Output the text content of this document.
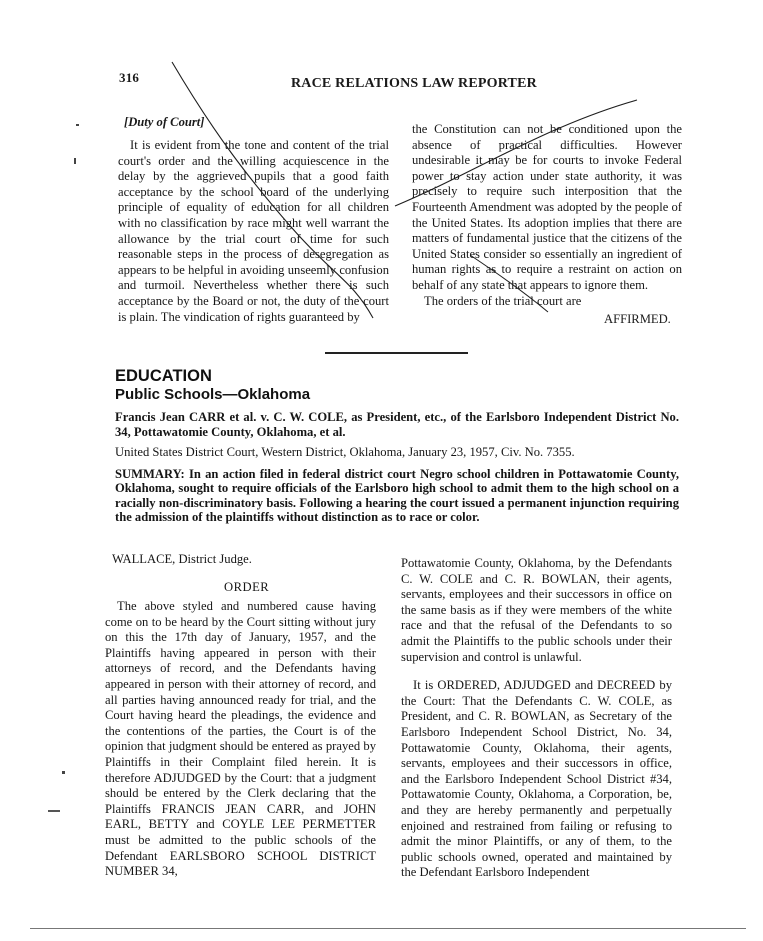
316	RACE RELATIONS LAW REPORTER
[Duty of Court]

It is evident from the tone and content of the trial court's order and the willing acquiescence in the delay by the aggrieved pupils that a good faith acceptance by the school board of the underlying principle of equality of education for all children with no classification by race might well warrant the allowance by the trial court of time for such reasonable steps in the process of desegregation as appears to be helpful in avoiding unseemly confusion and turmoil. Nevertheless whether there is such acceptance by the Board or not, the duty of the court is plain. The vindication of rights guaranteed by

the Constitution can not be conditioned upon the absence of practical difficulties. However undesirable it may be for courts to invoke Federal power to stay action under state authority, it was precisely to require such interposition that the Fourteenth Amendment was adopted by the people of the United States. Its adoption implies that there are matters of fundamental justice that the citizens of the United States consider so essentially an ingredient of human rights as to require a restraint on action on behalf of any state that appears to ignore them.

The orders of the trial court are

AFFIRMED.
EDUCATION
Public Schools—Oklahoma
Francis Jean CARR et al. v. C. W. COLE, as President, etc., of the Earlsboro Independent District No. 34, Pottawatomie County, Oklahoma, et al.
United States District Court, Western District, Oklahoma, January 23, 1957, Civ. No. 7355.
SUMMARY: In an action filed in federal district court Negro school children in Pottawatomie County, Oklahoma, sought to require officials of the Earlsboro high school to admit them to the high school on a racially non-discriminatory basis. Following a hearing the court issued a permanent injunction requiring the admission of the plaintiffs without distinction as to race or color.
WALLACE, District Judge.
ORDER

The above styled and numbered cause having come on to be heard by the Court sitting without jury on this the 17th day of January, 1957, and the Plaintiffs having appeared in person with their attorneys of record, and the Defendants having appeared in person with their attorney of record, and all parties having announced ready for trial, and the Court having heard the pleadings, the evidence and the contentions of the parties, the Court is of the opinion that judgment should be entered as prayed by Plaintiffs in their Complaint filed herein. It is therefore ADJUDGED by the Court: that a judgment should be entered by the Clerk declaring that the Plaintiffs FRANCIS JEAN CARR, and JOHN EARL, BETTY and COYLE LEE PERMETTER must be admitted to the public schools of the Defendant EARLSBORO SCHOOL DISTRICT NUMBER 34,

Pottawatomie County, Oklahoma, by the Defendants C. W. COLE and C. R. BOWLAN, their agents, servants, employees and their successors in office on the same basis as if they were members of the white race and that the refusal of the Defendants to so admit the Plaintiffs to the public schools under their supervision and control is unlawful.

It is ORDERED, ADJUDGED and DECREED by the Court: That the Defendants C. W. COLE, as President, and C. R. BOWLAN, as Secretary of the Earlsboro Independent School District, No. 34, Pottawatomie County, Oklahoma, their agents, servants, employees and their successors in office, and the Earlsboro Independent School District #34, Pottawatomie County, Oklahoma, a Corporation, be, and they are hereby permanently and perpetually enjoined and restrained from failing or refusing to admit the minor Plaintiffs, or any of them, to the public schools owned, operated and maintained by the Defendant Earlsboro Independent
